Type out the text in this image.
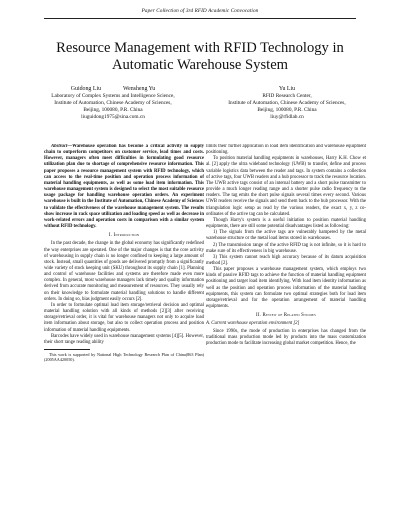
Paper Collection of 3rd RFID Academic Convocation
Resource Management with RFID Technology in Automatic Warehouse System
Guidong Liu	Wensheng Yu
Laboratory of Complex Systems and Intelligence Science,
Institute of Automation, Chinese Academy of Sciences,
Beijing, 100080, P.R. China
liuguidong1975@sina.com.cn
Yu Liu
RFID Research Center,
Institute of Automation, Chinese Academy of Sciences,
Beijing, 100080, P.R. China
liuy@rfidlab.cn

Abstract—Warehouse operation has become a critical activity in supply chain to outperform competitors on customer service, lead times and costs. However, managers often meet difficulties in formulating good resource utilization plan due to shortage of comprehensive resource information. This paper proposes a resource management system with RFID technology, which can access to the real-time position and operation process information of material handling equipments, as well as some load item information. This warehouse management system is designed to select the most suitable resource usage package for handling warehouse operation orders. An experiment warehouse is built in the Institute of Automation, Chinese Academy of Sciences to validate the effectiveness of the warehouse management system. The results show increase in rack space utilization and loading speed as well as decrease in work-related errors and operation costs in comparison with a similar system without RFID technology.

I. Introduction

In the past decade, the change in the global economy has significantly redefined the way enterprises are operated. One of the major changes is that the core activity of warehousing in supply chain is no longer confined to keeping a large amount of stock. Instead, small quantities of goods are delivered promptly from a significantly wide variety of stock keeping unit (SKU) throughout its supply chain [1]. Planning and control of warehouse facilities and systems are therefore made even more complex. In general, most warehouse managers lack timely and quality information derived from accurate monitoring and measurement of resources. They usually rely on their knowledge to formulate material handling solutions to handle different orders. In doing so, bias judgment easily occurs [2].

In order to formulate optimal load item storage/retrieval decision and optimal material handling solution with all kinds of methods [2][3] after receiving storage/retrieval order, it is vital for warehouse managers not only to acquire load item information about storage, but also to collect operation process and position information of material handling equipments.

Barcodes have widely used in warehouse management systems [4][5]. However, their short range reading ability

This work is supported by National High Technology Research Plan of China(863 Plan) (2005AA420050).

limits their further application in load item identification and warehouse equipment positioning.

To position material handling equipments in warehouses, Harry K.H. Chow et al. [2] apply the ultra wideband technology (UWB) to transfer, define and process variable logistics data between the reader and tags. In system contains a collection of active tags, four UWB readers and a hub processor to track the resource location. The UWB active tags consist of an internal battery and a short pulse transmitter to provide a much longer reading range and a shorter pulse radio frequency to the readers. The tag emits the short pulse signals several times every second. Various UWB readers receive the signals and send them back to the hub processor. With the triangulation logic setup as read by the various readers, the exact x, y, z co-ordinates of the active tag can be calculated.

Though Harry's system is a useful initiation to position material handling equipments, there are still some potential disadvantages listed as following:

1) The signals from the active tags are vulnerably hampered by the metal warehouse structure or the metal load items stored in warehouses.

2) The transmission range of the active RFID tag is not infinite, so it is hard to make sure of its effectiveness in big warehouse.

3) This system cannot reach high accuracy because of its datum acquisition method [2].

This paper proposes a warehouse management system, which employs two kinds of passive RFID tags to achieve the function of material handling equipment positioning and target load item identifying. With load item identity information as well as the position and operation process information of the material handling equipments, this system can formulate two optimal strategies both for load item storage/retrieval and for the operation arrangement of material handling equipments.

II. Review of Related Studies
A. Current warehouse operation environment [2]

Since 1990s, the mode of production in enterprises has changed from the traditional mass production mode led by products into the mass customization production mode to facilitate increasing global market competition. Hence, the
